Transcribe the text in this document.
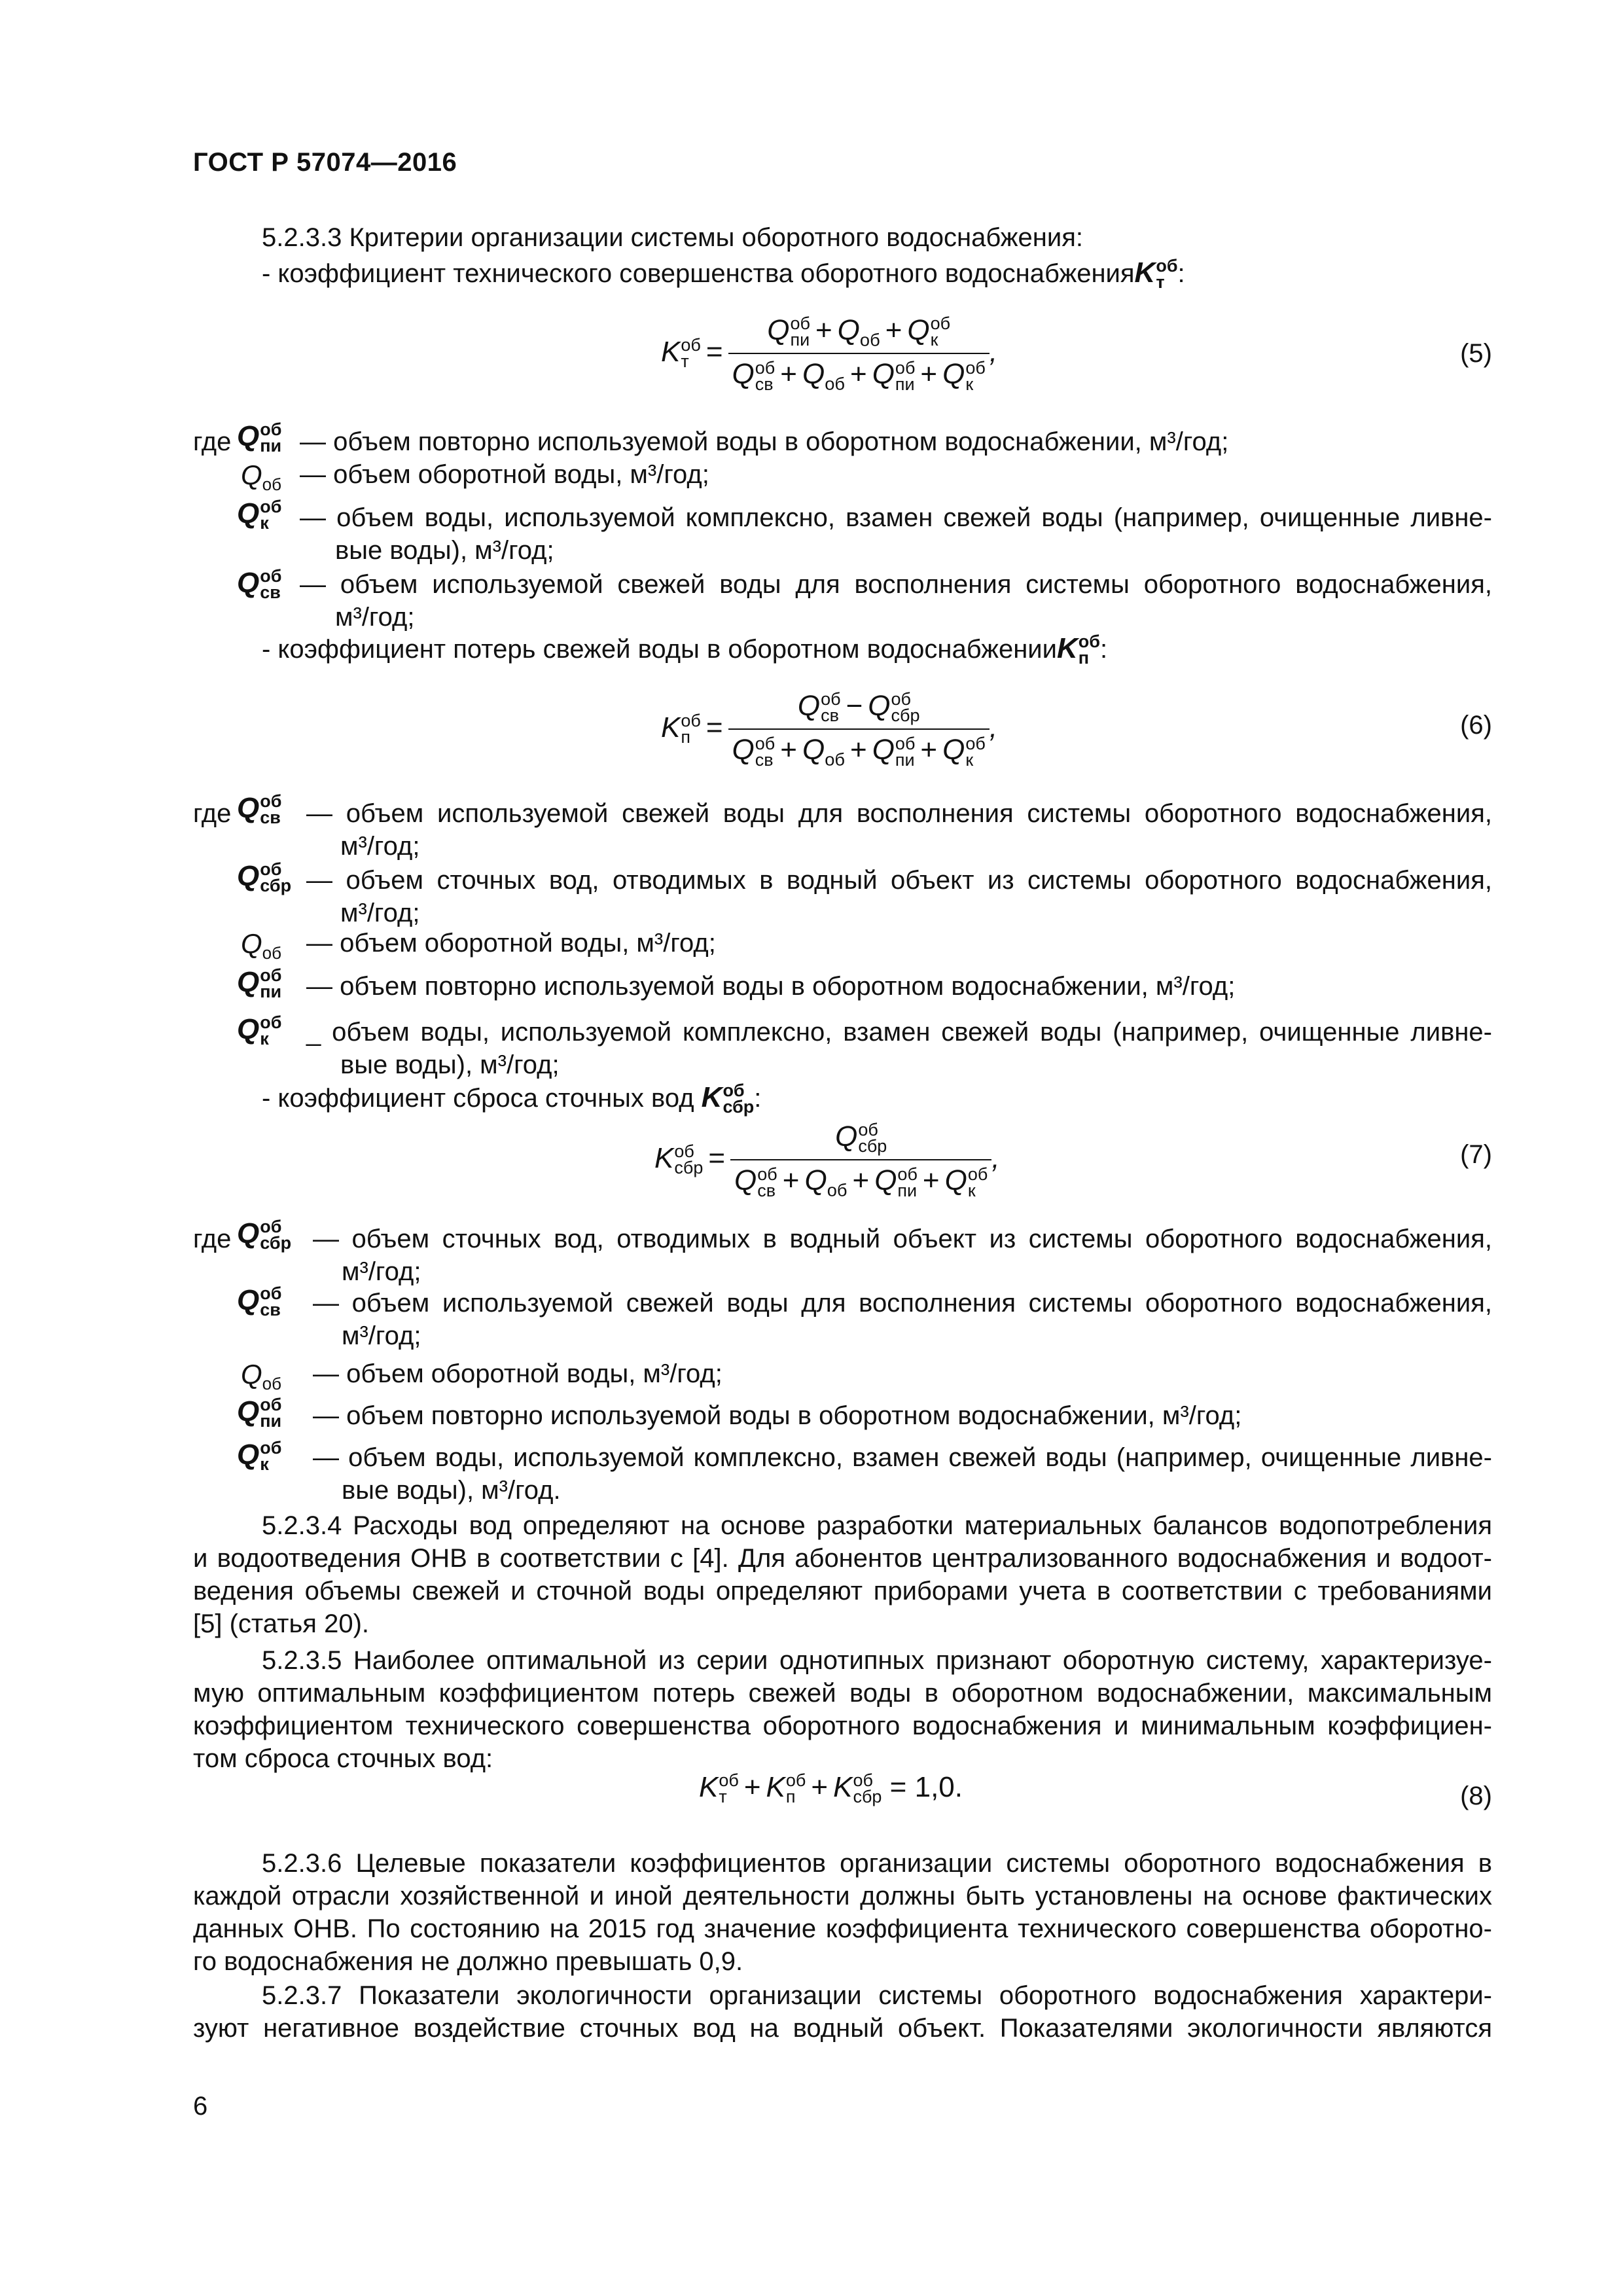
ГОСТ Р 57074—2016
5.2.3.3 Критерии организации системы оборотного водоснабжения:
- коэффициент технического совершенства оборотного водоснабженияK об
т :
K об
т = Q об
пи + $Q_{об} + Q$ об
к
Q об
св + $Q_{об} + Q$ об
пи + Q об
к ,	(5)
где Q об
пи — объем повторно используемой воды в оборотном водоснабжении, м³/год;
$Q_{об}$ — объем оборотной воды, м³/год;
Q об
к	— объем воды, используемой комплексно, взамен свежей воды (например, очищенные ливне-
вые воды), м³/год;
Q об
св — объем используемой свежей воды для восполнения системы оборотного водоснабжения,
м³/год;
- коэффициент потерь свежей воды в оборотном водоснабженииK об
п :
K об
п = Q об
св − Q об
сбр
Q об
св + $Q_{об} + Q$ об
пи + Q об
к ,	(6)
где Q об
св — объем используемой свежей воды для восполнения системы оборотного водоснабжения,
м³/год;
Q об
сбр — объем сточных вод, отводимых в водный объект из системы оборотного водоснабжения,
м³/год;
$Q_{об}$ — объем оборотной воды, м³/год;
Q об
пи — объем повторно используемой воды в оборотном водоснабжении, м³/год;
Q об
к	_ объем воды, используемой комплексно, взамен свежей воды (например, очищенные ливне-
вые воды), м³/год;
- коэффициент сброса сточных вод K об
сбр :
K об
сбр = Q об
сбр
Q об
св + $Q_{об} + Q$ об
пи + Q об
к ,	(7)
где Q об
сбр — объем сточных вод, отводимых в водный объект из системы оборотного водоснабжения,
м³/год;
Q об
св — объем используемой свежей воды для восполнения системы оборотного водоснабжения,
м³/год;
$Q_{об}$ — объем оборотной воды, м³/год;
Q об
пи — объем повторно используемой воды в оборотном водоснабжении, м³/год;
Q об
к	— объем воды, используемой комплексно, взамен свежей воды (например, очищенные ливне-
вые воды), м³/год.
5.2.3.4 Расходы вод определяют на основе разработки материальных балансов водопотребления
и водоотведения ОНВ в соответствии с [4]. Для абонентов централизованного водоснабжения и водоот-
ведения объемы свежей и сточной воды определяют приборами учета в соответствии с требованиями
[5] (статья 20).
5.2.3.5 Наиболее оптимальной из серии однотипных признают оборотную систему, характеризуе-
мую оптимальным коэффициентом потерь свежей воды в оборотном водоснабжении, максимальным
коэффициентом технического совершенства оборотного водоснабжения и минимальным коэффициен-
том сброса сточных вод:
K об
т + K об
п + K об
сбр = 1,0.	(8)
5.2.3.6 Целевые показатели коэффициентов организации системы оборотного водоснабжения в
каждой отрасли хозяйственной и иной деятельности должны быть установлены на основе фактических
данных ОНВ. По состоянию на 2015 год значение коэффициента технического совершенства оборотно-
го водоснабжения не должно превышать 0,9.
5.2.3.7 Показатели экологичности организации системы оборотного водоснабжения характери-
зуют негативное воздействие сточных вод на водный объект. Показателями экологичности являются
6
